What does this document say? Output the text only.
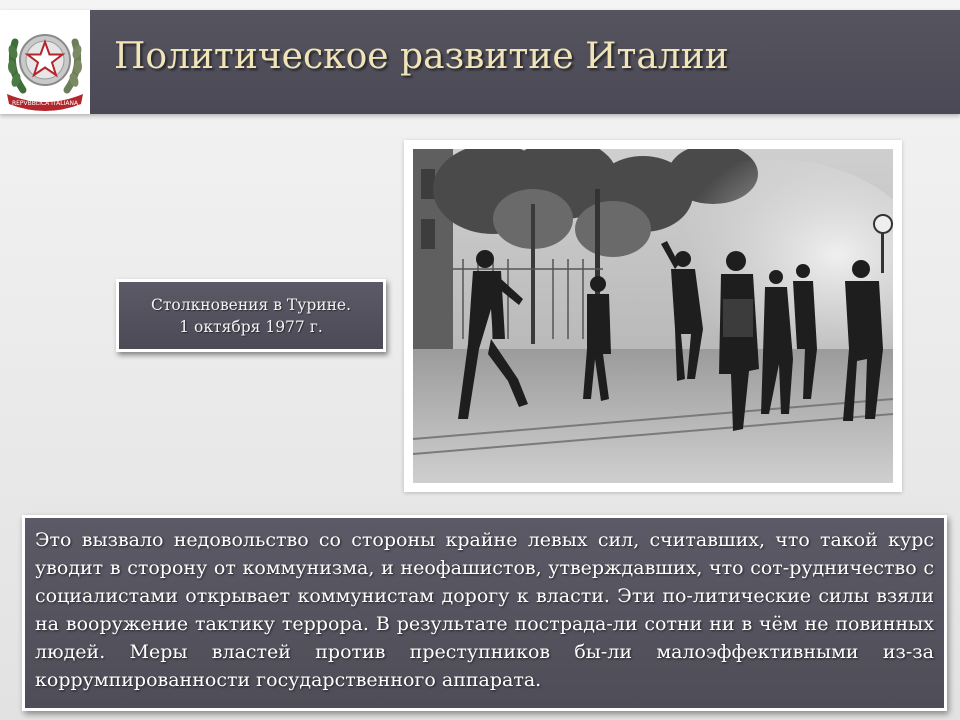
REPVBBLICA ITALIANA
Политическое развитие Италии
Столкновения в Турине.
1 октября 1977 г.

Это вызвало недовольство со стороны крайне левых сил, считавших, что такой курс уводит в сторону от коммунизма, и неофашистов, утверждавших, что сот-рудничество с социалистами открывает коммунистам дорогу к власти. Эти по-литические силы взяли на вооружение тактику террора. В результате пострада-ли сотни ни в чём не повинных людей. Меры властей против преступников бы-ли малоэффективными из-за коррумпированности государственного аппарата.
